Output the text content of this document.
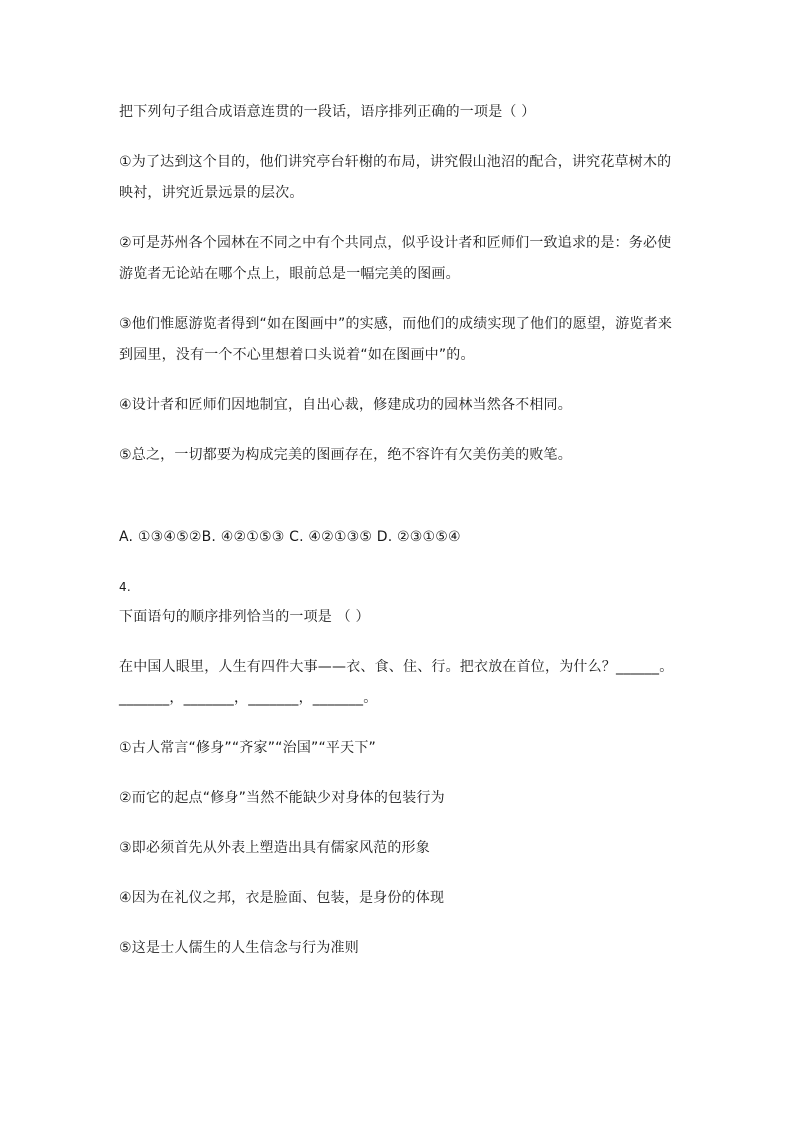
把下列句子组合成语意连贯的一段话，语序排列正确的一项是（ ）
①为了达到这个目的，他们讲究亭台轩榭的布局，讲究假山池沼的配合，讲究花草树木的
映衬，讲究近景远景的层次。
②可是苏州各个园林在不同之中有个共同点，似乎设计者和匠师们一致追求的是：务必使
游览者无论站在哪个点上，眼前总是一幅完美的图画。
③他们惟愿游览者得到“如在图画中”的实感，而他们的成绩实现了他们的愿望，游览者来
到园里，没有一个不心里想着口头说着“如在图画中”的。
④设计者和匠师们因地制宜，自出心裁，修建成功的园林当然各不相同。
⑤总之，一切都要为构成完美的图画存在，绝不容许有欠美伤美的败笔。
A. ①③④⑤②B. ④②①⑤③ C. ④②①③⑤ D. ②③①⑤④
4.
下面语句的顺序排列恰当的一项是 （ ）
在中国人眼里，人生有四件大事——衣、食、住、行。把衣放在首位，为什么？______。
_______，_______，_______，_______。
①古人常言“修身”“齐家”“治国”“平天下”
②而它的起点“修身”当然不能缺少对身体的包装行为
③即必须首先从外表上塑造出具有儒家风范的形象
④因为在礼仪之邦，衣是脸面、包装，是身份的体现
⑤这是士人儒生的人生信念与行为准则
